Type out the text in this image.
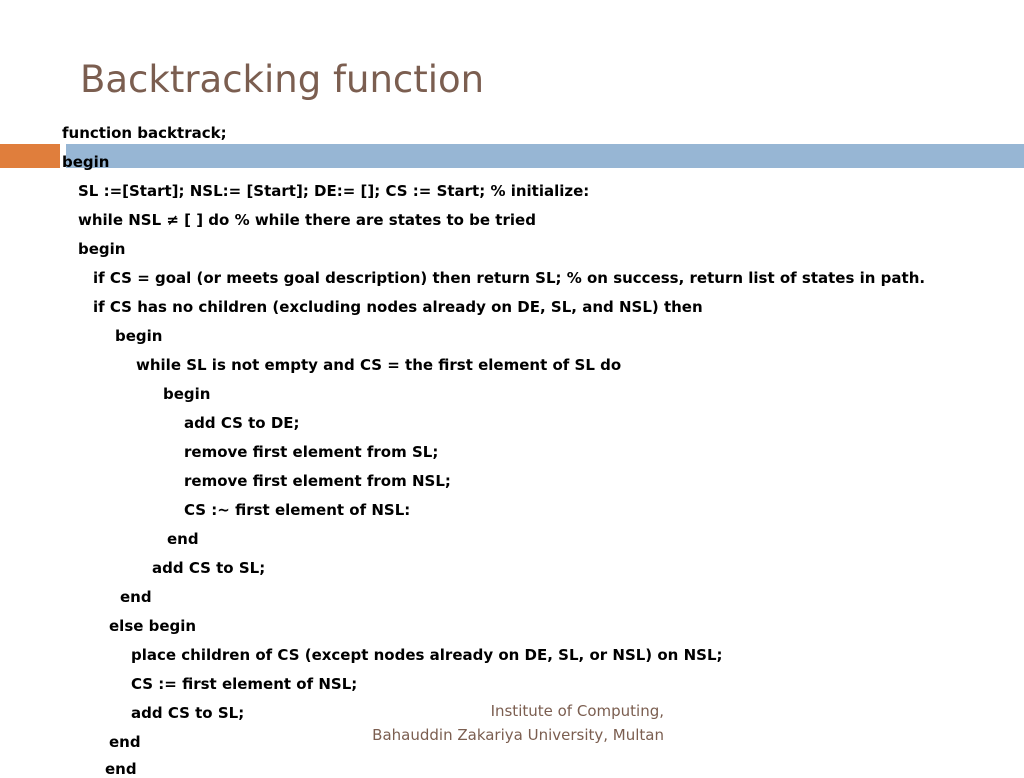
Backtracking function
function backtrack;
begin
SL :=[Start]; NSL:= [Start]; DE:= []; CS := Start; % initialize:
while NSL ≠ [ ] do % while there are states to be tried
begin
if CS = goal (or meets goal description) then return SL; % on success, return list of states in path.
if CS has no children (excluding nodes already on DE, SL, and NSL) then
begin
while SL is not empty and CS = the first element of SL do
begin
add CS to DE;
remove first element from SL;
remove first element from NSL;
CS :~ first element of NSL:
end
add CS to SL;
end
else begin
place children of CS (except nodes already on DE, SL, or NSL) on NSL;
CS := first element of NSL;
add CS to SL;
end
end
Institute of Computing,
Bahauddin Zakariya University, Multan
